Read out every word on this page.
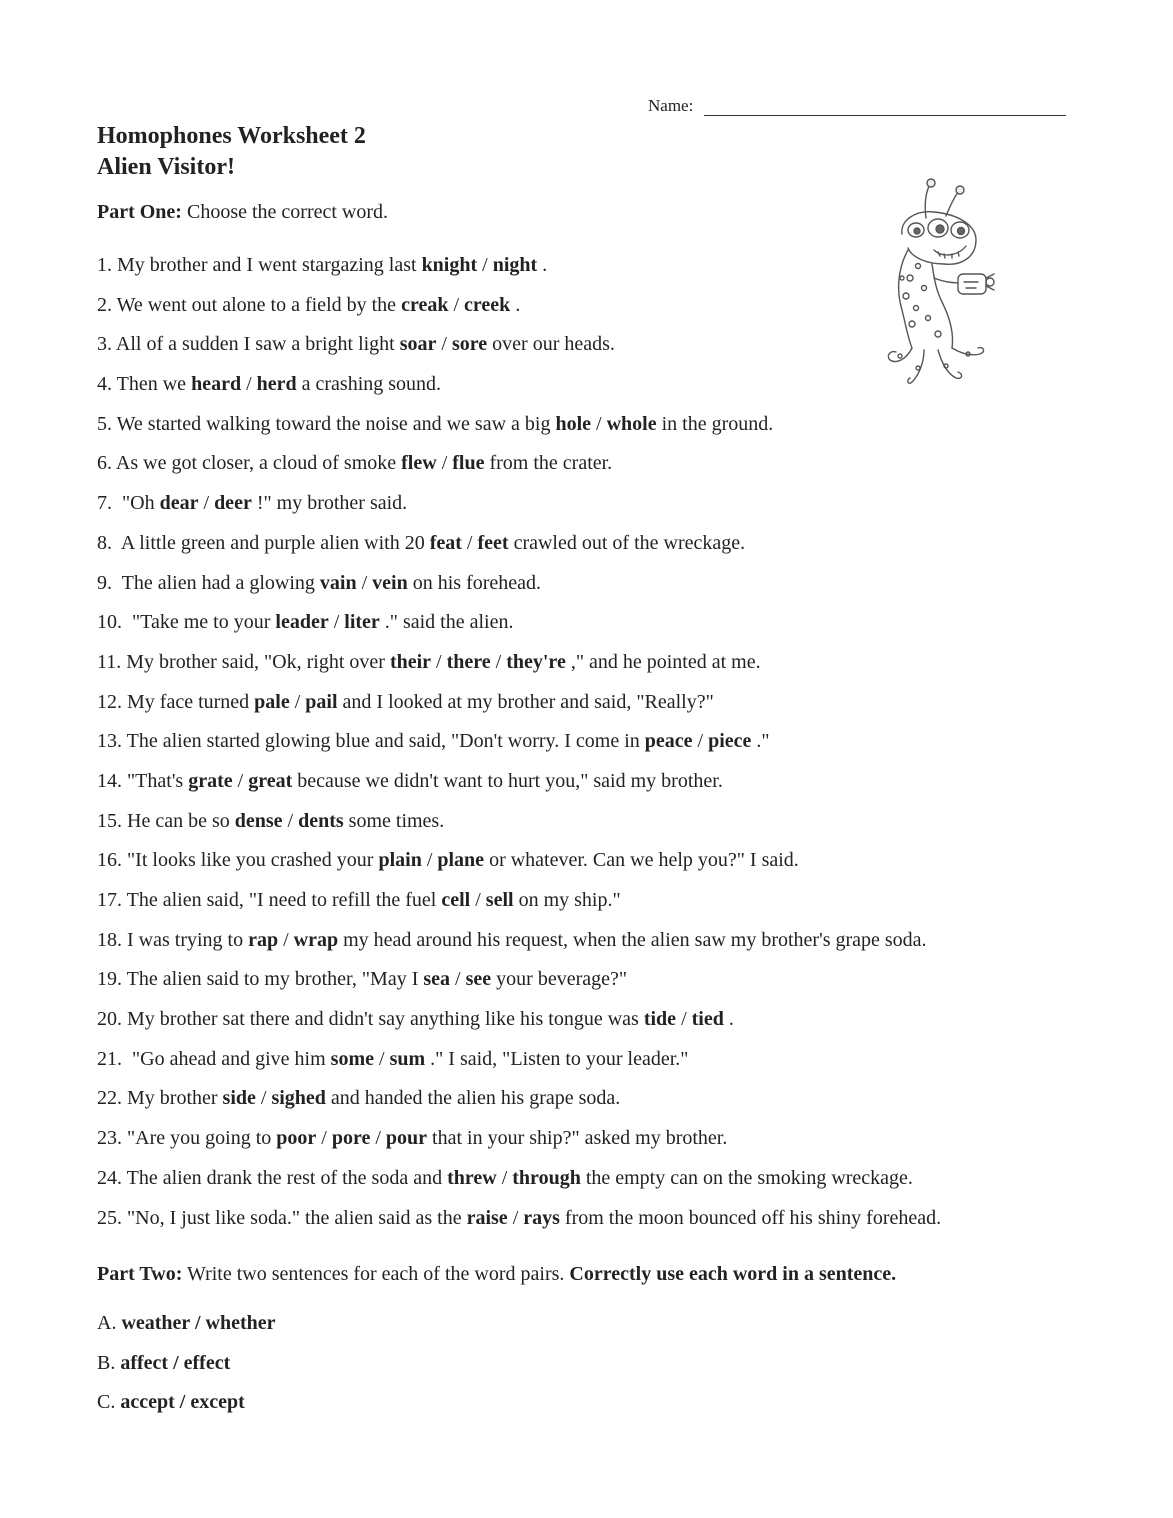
Name:
Homophones Worksheet 2
Alien Visitor!
Part One: Choose the correct word.
1. My brother and I went stargazing last knight / night .
2. We went out alone to a field by the creak / creek .
3. All of a sudden I saw a bright light soar / sore over our heads.
4. Then we heard / herd a crashing sound.
5. We started walking toward the noise and we saw a big hole / whole in the ground.
6. As we got closer, a cloud of smoke flew / flue from the crater.
7.  "Oh dear / deer !" my brother said.
8.  A little green and purple alien with 20 feat / feet crawled out of the wreckage.
9.  The alien had a glowing vain / vein on his forehead.
10.  "Take me to your leader / liter ." said the alien.
11. My brother said, "Ok, right over their / there / they're ," and he pointed at me.
12. My face turned pale / pail and I looked at my brother and said, "Really?"
13. The alien started glowing blue and said, "Don't worry. I come in peace / piece ."
14. "That's grate / great because we didn't want to hurt you," said my brother.
15. He can be so dense / dents some times.
16. "It looks like you crashed your plain / plane or whatever. Can we help you?" I said.
17. The alien said, "I need to refill the fuel cell / sell on my ship."
18. I was trying to rap / wrap my head around his request, when the alien saw my brother's grape soda.
19. The alien said to my brother, "May I sea / see your beverage?"
20. My brother sat there and didn't say anything like his tongue was tide / tied .
21.  "Go ahead and give him some / sum ." I said, "Listen to your leader."
22. My brother side / sighed and handed the alien his grape soda.
23. "Are you going to poor / pore / pour that in your ship?" asked my brother.
24. The alien drank the rest of the soda and threw / through the empty can on the smoking wreckage.
25. "No, I just like soda." the alien said as the raise / rays from the moon bounced off his shiny forehead.
Part Two: Write two sentences for each of the word pairs. Correctly use each word in a sentence.
A. weather / whether
B. affect / effect
C. accept / except
